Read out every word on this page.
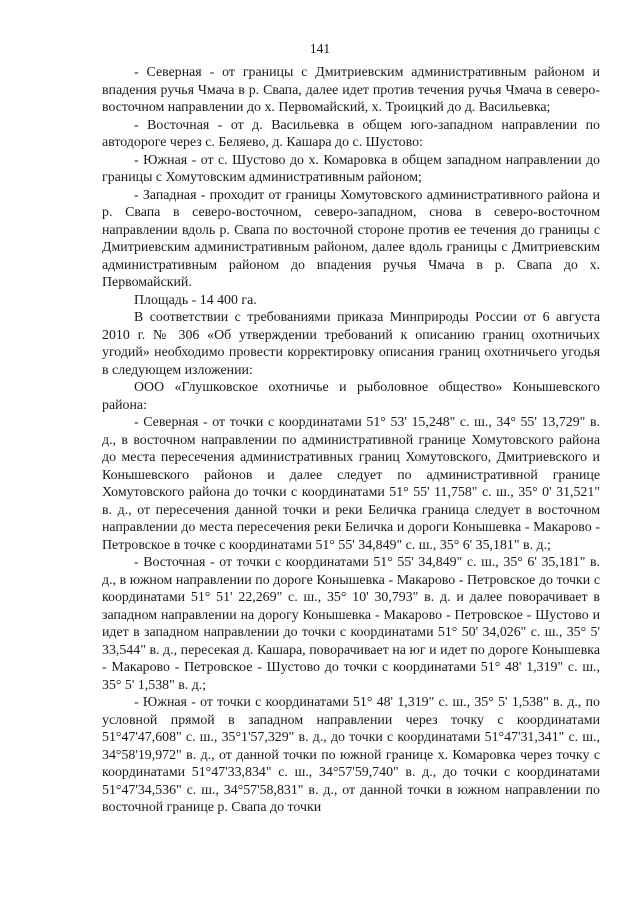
141

- Северная - от границы с Дмитриевским административным районом и впадения ручья Чмача в р. Свапа, далее идет против течения ручья Чмача в северо-восточном направлении до х. Первомайский, х. Троицкий до д. Васильевка;

- Восточная - от д. Васильевка в общем юго-западном направлении по автодороге через с. Беляево, д. Кашара до с. Шустово:

- Южная - от с. Шустово до х. Комаровка в общем западном направлении до границы с Хомутовским административным районом;

- Западная - проходит от границы Хомутовского административного района и р. Свапа в северо-восточном, северо-западном, снова в северо-восточном направлении вдоль р. Свапа по восточной стороне против ее течения до границы с Дмитриевским административным районом, далее вдоль границы с Дмитриевским административным районом до впадения ручья Чмача в р. Свапа до х. Первомайский.

Площадь - 14 400 га.

В соответствии с требованиями приказа Минприроды России от 6 августа 2010 г. № 306 «Об утверждении требований к описанию границ охотничьих угодий» необходимо провести корректировку описания границ охотничьего угодья в следующем изложении:

ООО «Глушковское охотничье и рыболовное общество» Конышевского района:

- Северная - от точки с координатами 51° 53' 15,248" с. ш., 34° 55' 13,729" в. д., в восточном направлении по административной границе Хомутовского района до места пересечения административных границ Хомутовского, Дмитриевского и Конышевского районов и далее следует по административной границе Хомутовского района до точки с координатами 51° 55' 11,758" с. ш., 35° 0' 31,521" в. д., от пересечения данной точки и реки Беличка граница следует в восточном направлении до места пересечения реки Беличка и дороги Конышевка - Макарово - Петровское в точке с координатами 51° 55' 34,849" с. ш., 35° 6' 35,181" в. д.;

- Восточная - от точки с координатами 51° 55' 34,849" с. ш., 35° 6' 35,181" в. д., в южном направлении по дороге Конышевка - Макарово - Петровское до точки с координатами 51° 51' 22,269" с. ш., 35° 10' 30,793" в. д. и далее поворачивает в западном направлении на дорогу Конышевка - Макарово - Петровское - Шустово и идет в западном направлении до точки с координатами 51° 50' 34,026" с. ш., 35° 5' 33,544" в. д., пересекая д. Кашара, поворачивает на юг и идет по дороге Конышевка - Макарово - Петровское - Шустово до точки с координатами 51° 48' 1,319" с. ш., 35° 5' 1,538" в. д.;

- Южная - от точки с координатами 51° 48' 1,319" с. ш., 35° 5' 1,538" в. д., по условной прямой в западном направлении через точку с координатами 51°47'47,608" с. ш., 35°1'57,329" в. д., до точки с координатами 51°47'31,341" с. ш., 34°58'19,972" в. д., от данной точки по южной границе х. Комаровка через точку с координатами 51°47'33,834" с. ш., 34°57'59,740" в. д., до точки с координатами 51°47'34,536" с. ш., 34°57'58,831" в. д., от данной точки в южном направлении по восточной границе р. Свапа до точки
